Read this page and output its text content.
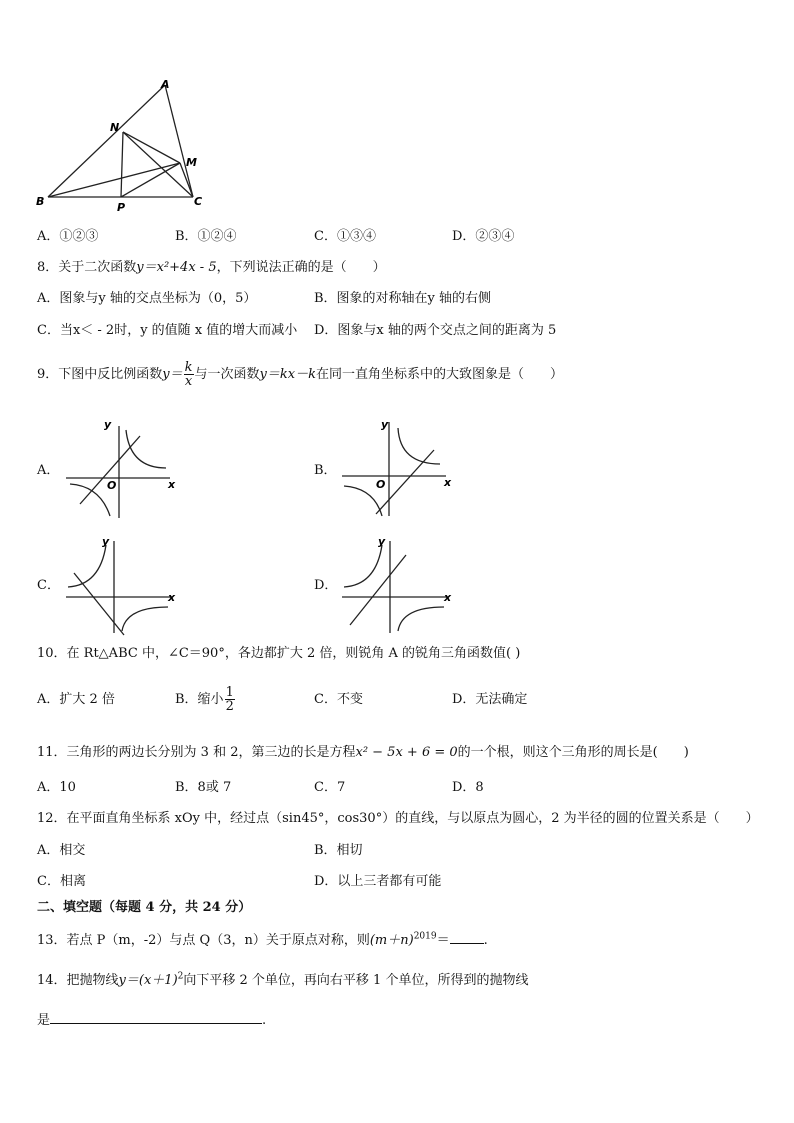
A
N
M
B	P	C
A．①②③	B．①②④	C．①③④	D．②③④
8．关于二次函数y＝x²+4x - 5，下列说法正确的是（　　）
A．图象与y 轴的交点坐标为（0，5）	B．图象的对称轴在y 轴的右侧
C．当x＜ - 2时，y 的值随 x 值的增大而减小 D．图象与x 轴的两个交点之间的距离为 5
9．下图中反比例函数$y= \frac{k}{x}$ 与一次函数y＝kx－k在同一直角坐标系中的大致图象是（　　）
A．	B．
C．	D．
x
y
O	x
y
O
x
y
x
y
10．在 Rt△ABC 中，∠C＝90°，各边都扩大 2 倍，则锐角 A 的锐角三角函数值( )
A．扩大 2 倍	B．缩小 $\frac{1}{2}$	C．不变	D．无法确定
11．三角形的两边长分别为 3 和 2，第三边的长是方程x² − 5x + 6 = 0的一个根，则这个三角形的周长是(　　)
A．10	B．8或 7	C．7	D．8
12．在平面直角坐标系 xOy 中，经过点（sin45°，cos30°）的直线，与以原点为圆心，2 为半径的圆的位置关系是（　　）
A．相交	B．相切
C．相离	D．以上三者都有可能
二、填空题（每题 4 分，共 24 分）
13．若点 P（m，-2）与点 Q（3，n）关于原点对称，则$(m+n)^{2019}=$	.
14．把抛物线$y=(x+1)^2$向下平移 2 个单位，再向右平移 1 个单位，所得到的抛物线
是	.
